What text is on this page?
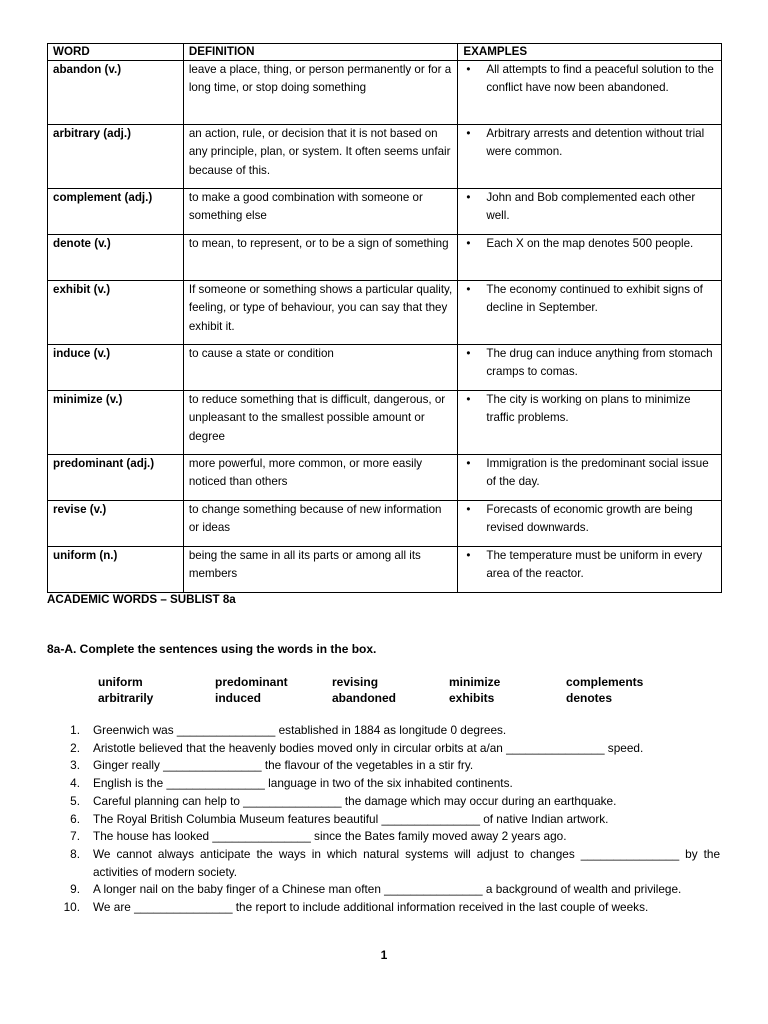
WORD	DEFINITION	EXAMPLES
abandon (v.)	leave a place, thing, or person permanently or for a long time, or stop doing something	• All attempts to find a peaceful solution to the conflict have now been abandoned.

arbitrary (adj.)	an action, rule, or decision that it is not based on any principle, plan, or system. It often seems unfair because of this.	• Arbitrary arrests and detention without trial were common.

complement (adj.)	to make a good combination with someone or something else	• John and Bob complemented each other well.

denote (v.)	to mean, to represent, or to be a sign of something	• Each X on the map denotes 500 people.

exhibit (v.)	If someone or something shows a particular quality, feeling, or type of behaviour, you can say that they exhibit it.	• The economy continued to exhibit signs of decline in September.

induce (v.)	to cause a state or condition	• The drug can induce anything from stomach cramps to comas.

minimize (v.)	to reduce something that is difficult, dangerous, or unpleasant to the smallest possible amount or degree	• The city is working on plans to minimize traffic problems.

predominant (adj.)	more powerful, more common, or more easily noticed than others	• Immigration is the predominant social issue of the day.

revise (v.)	to change something because of new information or ideas	• Forecasts of economic growth are being revised downwards.

uniform (n.)	being the same in all its parts or among all its members	• The temperature must be uniform in every area of the reactor.
ACADEMIC WORDS – SUBLIST 8a
8a-A. Complete the sentences using the words in the box.
uniform	predominant	revising	minimize	complements
arbitrarily	induced	abandoned	exhibits	denotes
1. Greenwich was _______________ established in 1884 as longitude 0 degrees.
2. Aristotle believed that the heavenly bodies moved only in circular orbits at a/an _______________ speed.
3. Ginger really _______________ the flavour of the vegetables in a stir fry.
4. English is the _______________ language in two of the six inhabited continents.
5. Careful planning can help to _______________ the damage which may occur during an earthquake.
6. The Royal British Columbia Museum features beautiful _______________ of native Indian artwork.
7. The house has looked _______________ since the Bates family moved away 2 years ago.
8. We cannot always anticipate the ways in which natural systems will adjust to changes _______________ by the activities of modern society.
9. A longer nail on the baby finger of a Chinese man often _______________ a background of wealth and privilege.
10. We are _______________ the report to include additional information received in the last couple of weeks.
1
